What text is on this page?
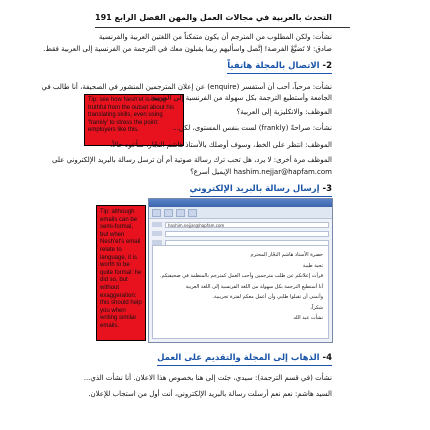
التحدث بالعربية في مجالات العمل والمهن الفصل الرابع 191
نشأت: ولكن المطلوب من المترجم أن يكون متمكناً من اللغتين العربية والفرنسية
صادق: لا تَضيَّعْ الفرصة! إتَّصل واسأليهم ربما يقبلون معك في الترجمة من الفرنسية إلى العربية فقط.
2- الاتصال بالمجلة هاتفياً
Tip: see how Nesh'et is being truthful from the outset about his translating skills, even using 'frankly' to stress the point: employers like this.
نشأت: مرحباً، أحب أن أستفسر (enquire) عن إعلان المترجمين المنشور في الصحيفة، أنا طالب في
الجامعة وأستطيع الترجمة بكل سهولة من الفرنسية إلى العربية.
الموظف: والانكليزية إلى العربية؟
نشأت: صراحةً (frankly) لست بنفس المستوى، لكن...
الموظف: انتظر على الخط، وسوف أوصلك بالأستاذ هاشم النجّار، سأعود حالاً.
الموظف مرة أخرى: لا يرد، هل تحب ترك رسالة صوتية أم أن ترسل رسالة بالبريد الإلكتروني على
hashim.nejjar@hapfam.com الإيميل أسرع؟
3- إرسال رسالة بالبريد الإلكتروني
Tip: although emails can be semi-formal, but when Nesh'et's email relate to language, it is worth to be quite formal: he did so, but without exaggeration: this should help you when writing similar emails.
hashim.nejjar@hapfam.com
حضرة الأستاذ هاشم النجّار المحترم
تحية طيبة
قرأت إعلانكم عن طلب مترجمين وأحب العمل كمترجم بالمنظمة في صحيفتكم.
أنا أستطيع الترجمة بكل سهولة من اللغة الفرنسية إلى اللغة العربية
وأتمنى أن تقبلوا طلبي وأن أعمل معكم لفترة تجريبية.
شكراً،
نشأت عبد الله
4- الذهاب إلى المجلة والتقديم على العمل
نشأت (في قسم الترجمة): سيدي، جئت إلى هنا بخصوص هذا الاعلان. أنا نشأت الذي...
السيد هاشم: نعم نعم أرسلت رسالة بالبريد الإلكتروني، أنت أول من استجاب للإعلان.
